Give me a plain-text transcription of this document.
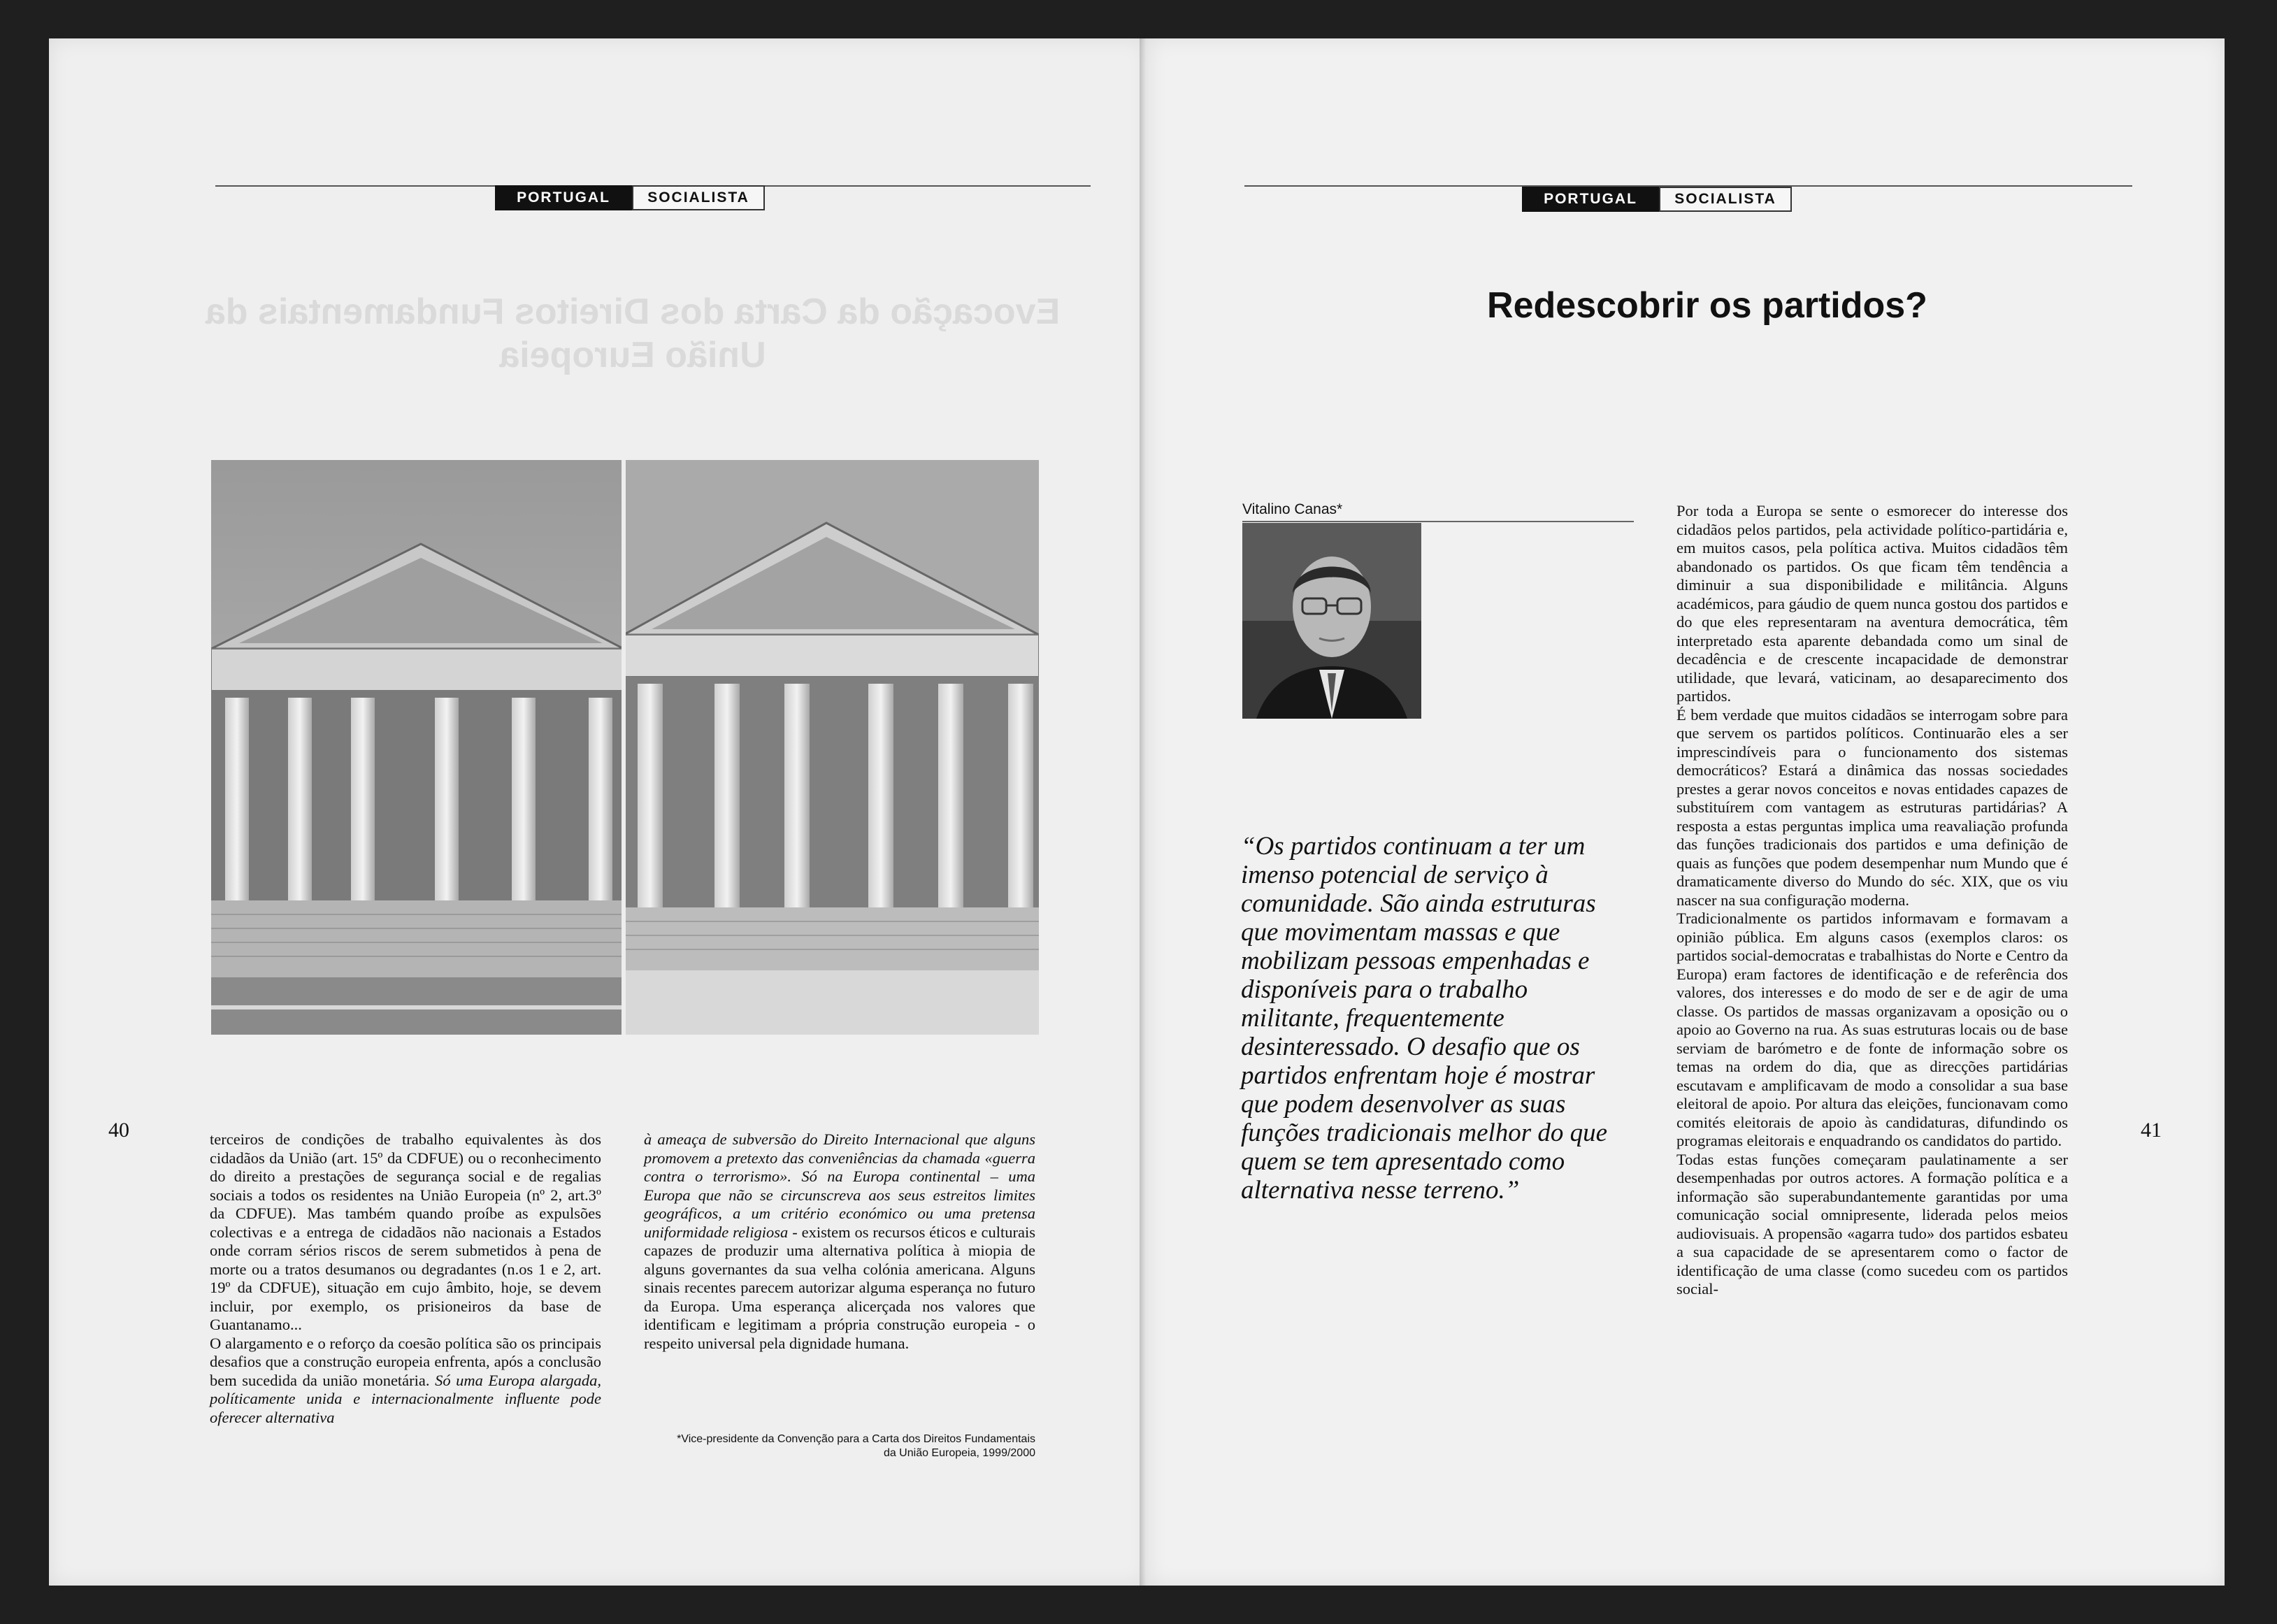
PORTUGAL	SOCIALISTA
Evocação da Carta dos Direitos Fundamentais da União Europeia
40	terceiros de condições de trabalho equivalentes às dos cidadãos da União (art. 15º da CDFUE) ou o reconhecimento do direito a prestações de segurança social e de regalias sociais a todos os residentes na União Europeia (nº 2, art.3º da CDFUE). Mas também quando proíbe as expulsões colectivas e a entrega de cidadãos não nacionais a Estados onde corram sérios riscos de serem submetidos à pena de morte ou a tratos desumanos ou degradantes (n.os 1 e 2, art. 19º da CDFUE), situação em cujo âmbito, hoje, se devem incluir, por exemplo, os prisioneiros da base de Guantanamo...

O alargamento e o reforço da coesão política são os principais desafios que a construção europeia enfrenta, após a conclusão bem sucedida da união monetária. Só uma Europa alargada, políticamente unida e internacionalmente influente pode oferecer alternativa

à ameaça de subversão do Direito Internacional que alguns promovem a pretexto das conveniências da chamada «guerra contra o terrorismo». Só na Europa continental – uma Europa que não se circunscreva aos seus estreitos limites geográficos, a um critério económico ou uma pretensa uniformidade religiosa - existem os recursos éticos e culturais capazes de produzir uma alternativa política à miopia de alguns governantes da sua velha colónia americana. Alguns sinais recentes parecem autorizar alguma esperança no futuro da Europa. Uma esperança alicerçada nos valores que identificam e legitimam a própria construção europeia - o respeito universal pela dignidade humana.

*Vice-presidente da Convenção para a Carta dos Direitos Fundamentais
da União Europeia, 1999/2000
PORTUGAL	SOCIALISTA
Redescobrir os partidos?
Vitalino Canas*
“Os partidos continuam a ter um imenso potencial de serviço à comunidade. São ainda estruturas que movimentam massas e que mobilizam pessoas empenhadas e disponíveis para o trabalho militante, frequentemente desinteressado. O desafio que os partidos enfrentam hoje é mostrar que podem desenvolver as suas funções tradicionais melhor do que quem se tem apresentado como alternativa nesse terreno.”

Por toda a Europa se sente o esmorecer do interesse dos cidadãos pelos partidos, pela actividade político-partidária e, em muitos casos, pela política activa. Muitos cidadãos têm abandonado os partidos. Os que ficam têm tendência a diminuir a sua disponibilidade e militância. Alguns académicos, para gáudio de quem nunca gostou dos partidos e do que eles representaram na aventura democrática, têm interpretado esta aparente debandada como um sinal de decadência e de crescente incapacidade de demonstrar utilidade, que levará, vaticinam, ao desaparecimento dos partidos.

É bem verdade que muitos cidadãos se interrogam sobre para que servem os partidos políticos. Continuarão eles a ser imprescindíveis para o funcionamento dos sistemas democráticos? Estará a dinâmica das nossas sociedades prestes a gerar novos conceitos e novas entidades capazes de substituírem com vantagem as estruturas partidárias? A resposta a estas perguntas implica uma reavaliação profunda das funções tradicionais dos partidos e uma definição de quais as funções que podem desempenhar num Mundo que é dramaticamente diverso do Mundo do séc. XIX, que os viu nascer na sua configuração moderna.

Tradicionalmente os partidos informavam e formavam a opinião pública. Em alguns casos (exemplos claros: os partidos social-democratas e trabalhistas do Norte e Centro da Europa) eram factores de identificação e de referência dos valores, dos interesses e do modo de ser e de agir de uma classe. Os partidos de massas organizavam a oposição ou o apoio ao Governo na rua. As suas estruturas locais ou de base serviam de barómetro e de fonte de informação sobre os temas na ordem do dia, que as direcções partidárias escutavam e amplificavam de modo a consolidar a sua base eleitoral de apoio. Por altura das eleições, funcionavam como comités eleitorais de apoio às candidaturas, difundindo os programas eleitorais e enquadrando os candidatos do partido.

Todas estas funções começaram paulatinamente a ser desempenhadas por outros actores. A formação política e a informação são superabundantemente garantidas por uma comunicação social omnipresente, liderada pelos meios audiovisuais. A propensão «agarra tudo» dos partidos esbateu a sua capacidade de se apresentarem como o factor de identificação de uma classe (como sucedeu com os partidos social-

41
